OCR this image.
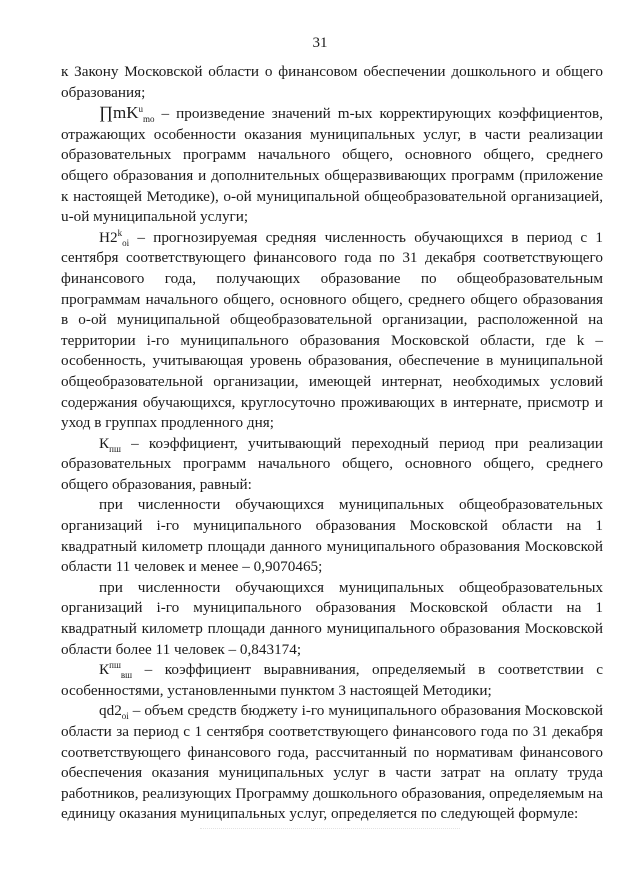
31

к Закону Московской области о финансовом обеспечении дошкольного и общего образования;

$\prod mK^u_{mo}$ – произведение значений m-ых корректирующих коэффициентов, отражающих особенности оказания муниципальных услуг, в части реализации образовательных программ начального общего, основного общего, среднего общего образования и дополнительных общеразвивающих программ (приложение к настоящей Методике), о-ой муниципальной общеобразовательной организацией, u-ой муниципальной услуги;

$Н2^k_{oi}$ – прогнозируемая средняя численность обучающихся в период с 1 сентября соответствующего финансового года по 31 декабря соответствующего финансового года, получающих образование по общеобразовательным программам начального общего, основного общего, среднего общего образования в о-ой муниципальной общеобразовательной организации, расположенной на территории i-го муниципального образования Московской области, где k – особенность, учитывающая уровень образования, обеспечение в муниципальной общеобразовательной организации, имеющей интернат, необходимых условий содержания обучающихся, круглосуточно проживающих в интернате, присмотр и уход в группах продленного дня;

$К_{пш}$ – коэффициент, учитывающий переходный период при реализации образовательных программ начального общего, основного общего, среднего общего образования, равный:

при численности обучающихся муниципальных общеобразовательных организаций i-го муниципального образования Московской области на 1 квадратный километр площади данного муниципального образования Московской области 11 человек и менее – 0,9070465;

при численности обучающихся муниципальных общеобразовательных организаций i-го муниципального образования Московской области на 1 квадратный километр площади данного муниципального образования Московской области более 11 человек – 0,843174;

$К^{пш}_{вш}$ – коэффициент выравнивания, определяемый в соответствии с особенностями, установленными пунктом 3 настоящей Методики;

$qd2_{oi}$ – объем средств бюджету i-го муниципального образования Московской области за период с 1 сентября соответствующего финансового года по 31 декабря соответствующего финансового года, рассчитанный по нормативам финансового обеспечения оказания муниципальных услуг в части затрат на оплату труда работников, реализующих Программу дошкольного образования, определяемым на единицу оказания муниципальных услуг, определяется по следующей формуле:
